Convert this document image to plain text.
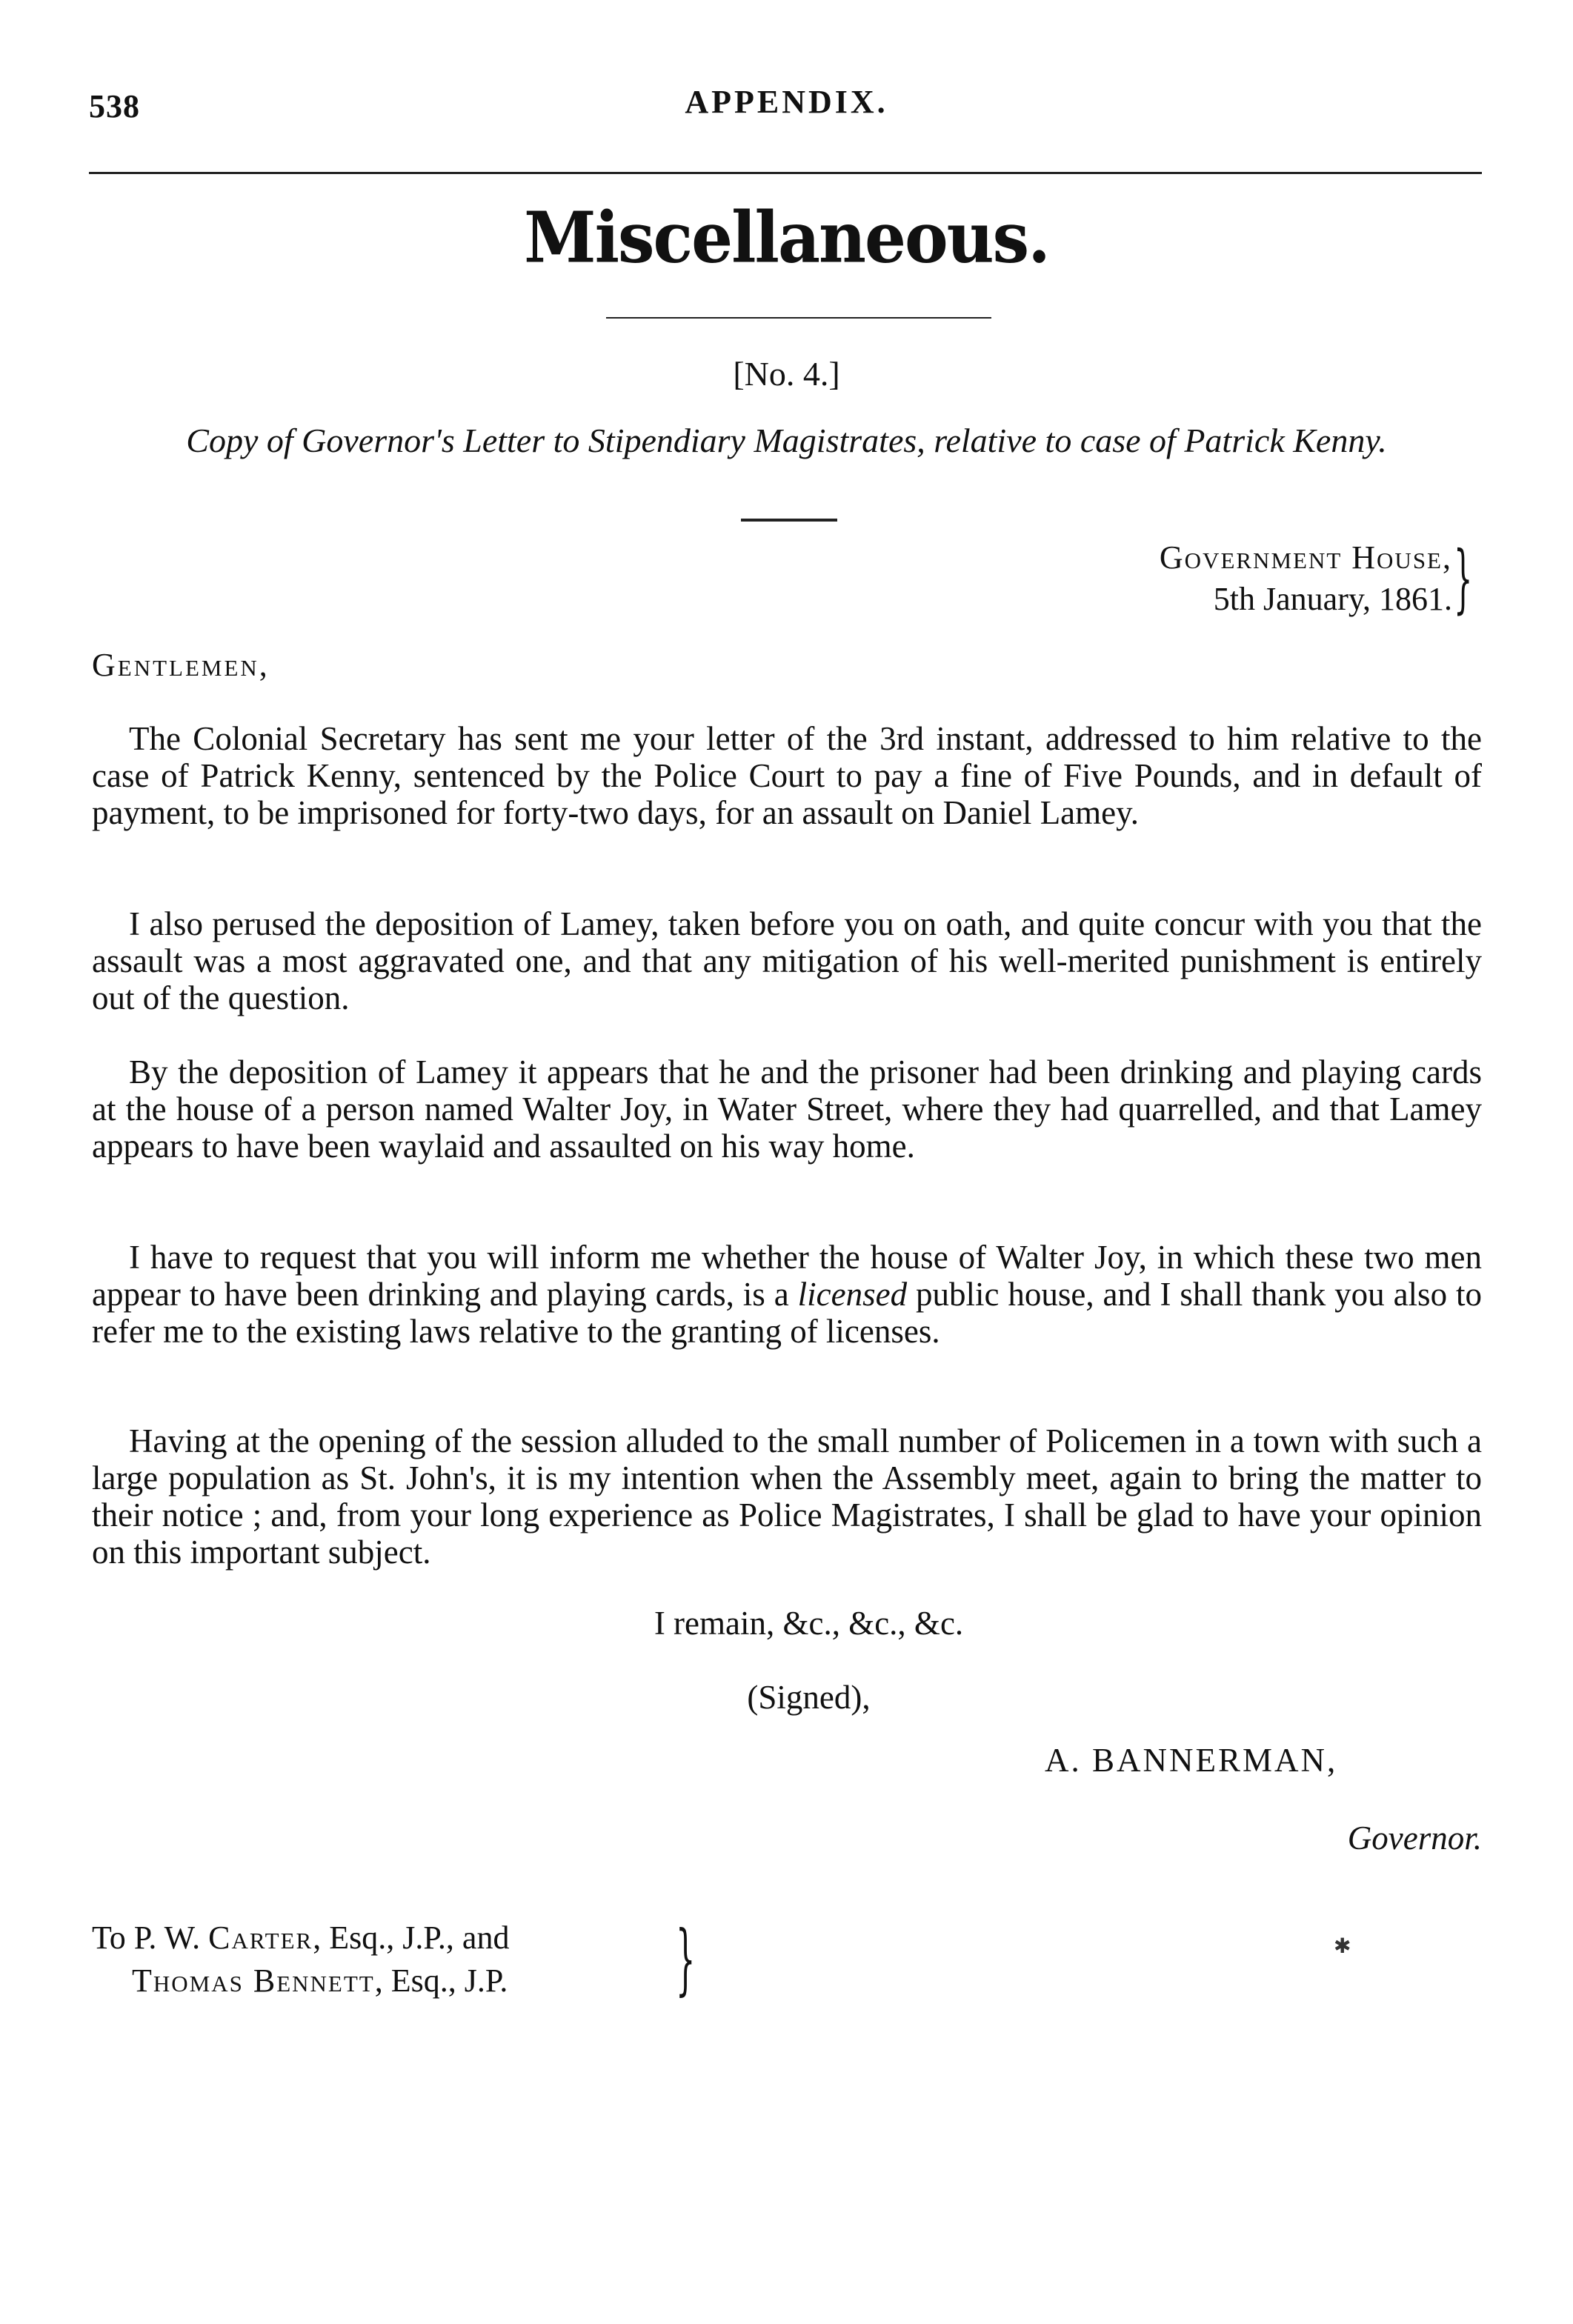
538	APPENDIX.
Miscellaneous.
[No. 4.]
Copy of Governor's Letter to Stipendiary Magistrates, relative to case of Patrick Kenny.
Government House,
5th January, 1861. }
Gentlemen,
The Colonial Secretary has sent me your letter of the 3rd instant, addressed to him relative to the case of Patrick Kenny, sentenced by the Police Court to pay a fine of Five Pounds, and in default of payment, to be imprisoned for forty-two days, for an assault on Daniel Lamey.
I also perused the deposition of Lamey, taken before you on oath, and quite concur with you that the assault was a most aggravated one, and that any mitigation of his well-merited punishment is entirely out of the question.
By the deposition of Lamey it appears that he and the prisoner had been drinking and playing cards at the house of a person named Walter Joy, in Water Street, where they had quarrelled, and that Lamey appears to have been waylaid and assaulted on his way home.
I have to request that you will inform me whether the house of Walter Joy, in which these two men appear to have been drinking and playing cards, is a licensed public house, and I shall thank you also to refer me to the existing laws relative to the granting of licenses.
Having at the opening of the session alluded to the small number of Policemen in a town with such a large population as St. John's, it is my intention when the Assembly meet, again to bring the matter to their notice ; and, from your long experience as Police Magistrates, I shall be glad to have your opinion on this important subject.
I remain, &c., &c., &c.
(Signed),
A. BANNERMAN,
Governor.
To P. W. Carter, Esq., J.P., and
Thomas Bennett, Esq., J.P. }	✱
